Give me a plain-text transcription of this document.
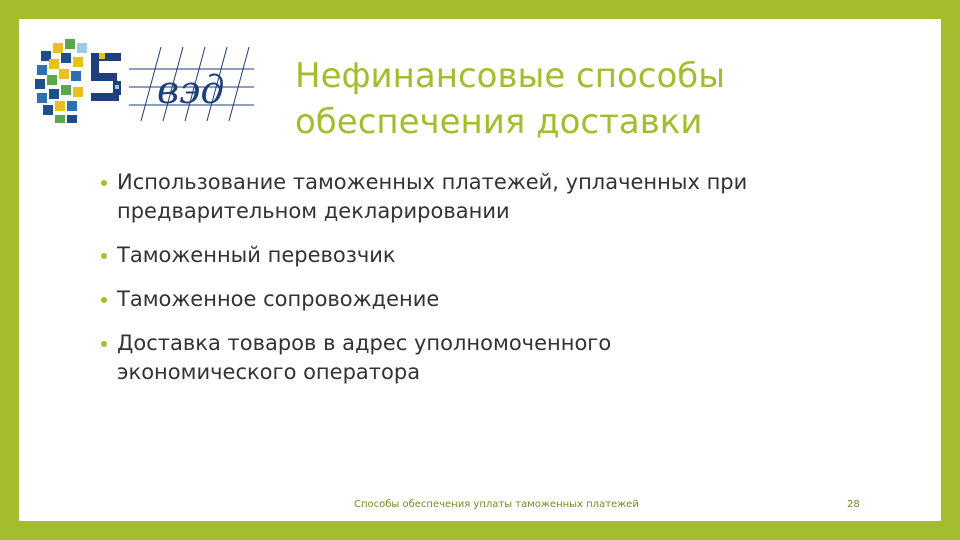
вэд Нефинансовые способы
обеспечения доставки
Использование таможенных платежей, уплаченных при
предварительном декларировании
Таможенный перевозчик
Таможенное сопровождение
Доставка товаров в адрес уполномоченного
экономического оператора
Способы обеспечения уплаты таможенных платежей	28
